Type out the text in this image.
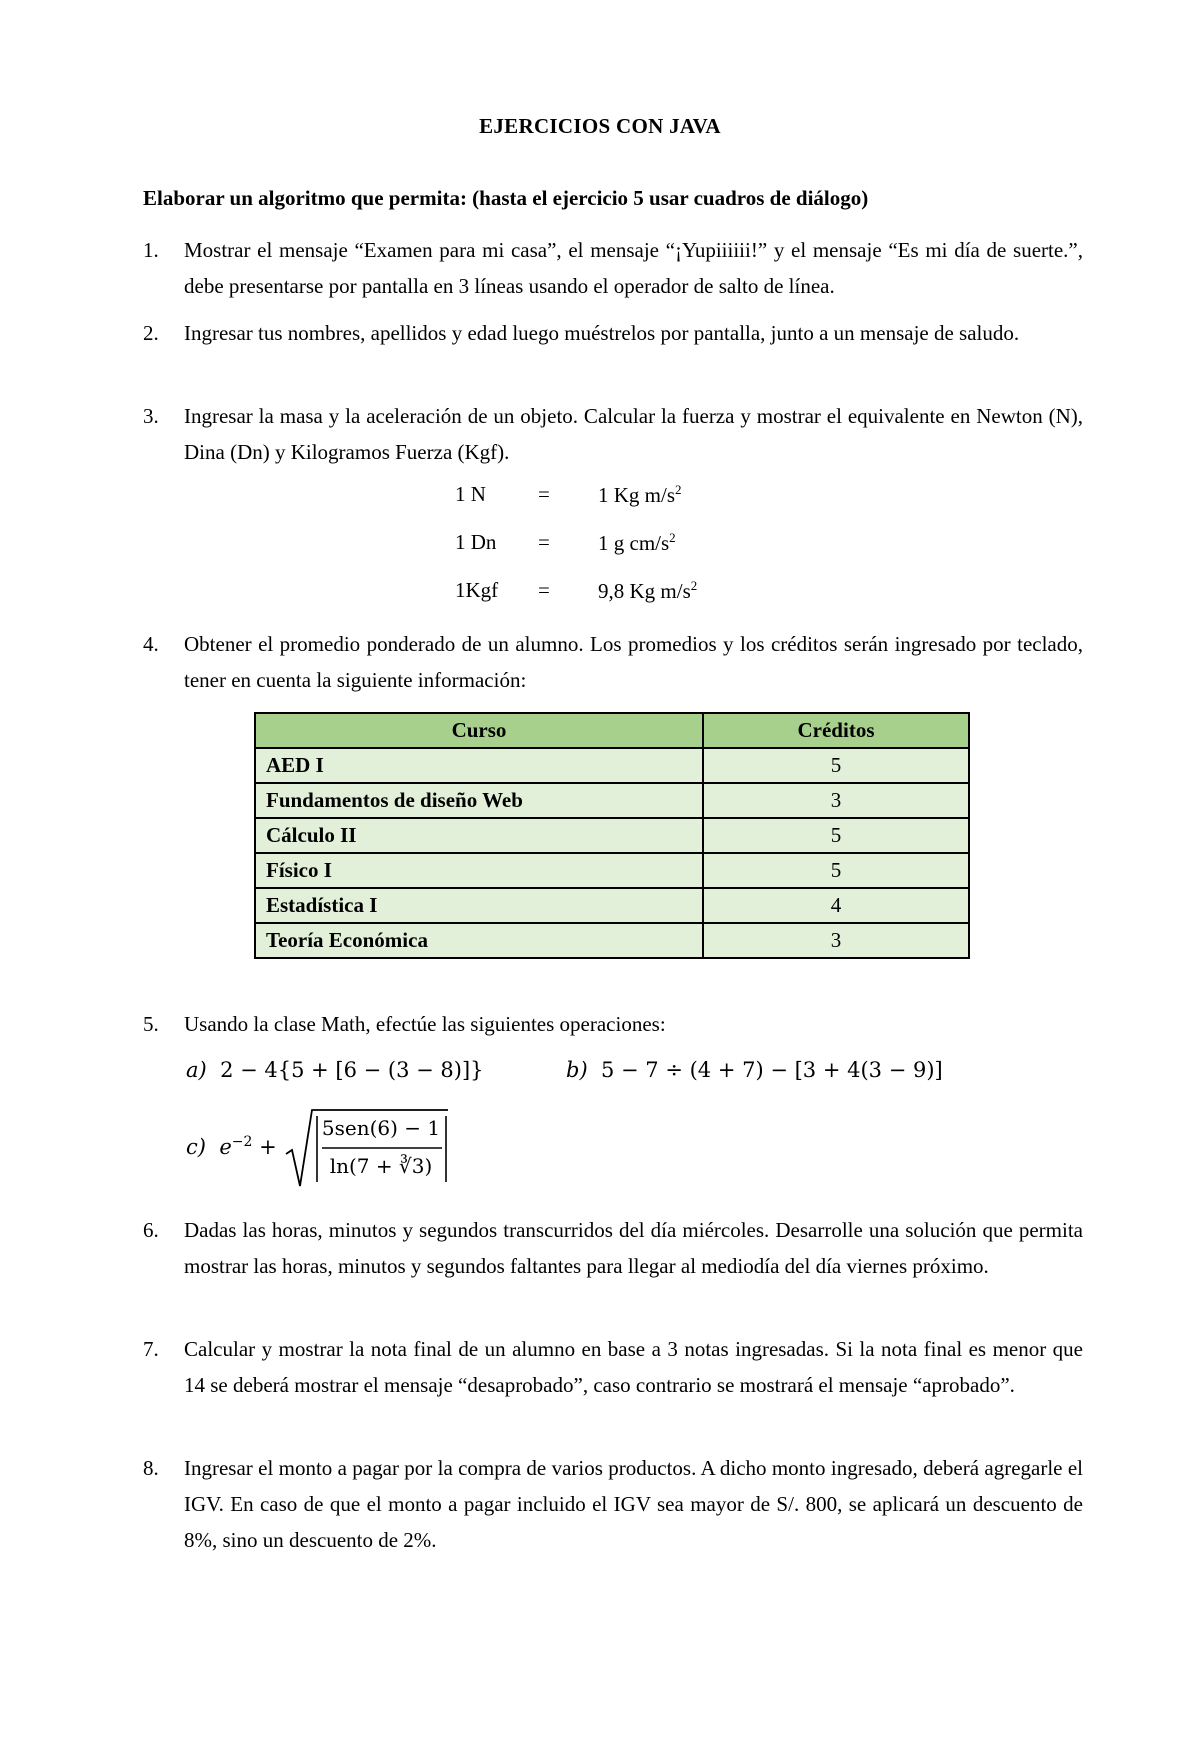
EJERCICIOS CON JAVA
Elaborar un algoritmo que permita: (hasta el ejercicio 5 usar cuadros de diálogo)
1.	Mostrar el mensaje “Examen para mi casa”, el mensaje “¡Yupiiiiii!” y el mensaje “Es mi día de suerte.”, debe presentarse por pantalla en 3 líneas usando el operador de salto de línea.
2.	Ingresar tus nombres, apellidos y edad luego muéstrelos por pantalla, junto a un mensaje de saludo.
3.	Ingresar la masa y la aceleración de un objeto. Calcular la fuerza y mostrar el equivalente en Newton (N), Dina (Dn) y Kilogramos Fuerza (Kgf).
1 N = 1 Kg $m/s^2$
1 Dn = 1 g $cm/s^2$
1Kgf = 9,8 Kg $m/s^2$
4.	Obtener el promedio ponderado de un alumno. Los promedios y los créditos serán ingresado por teclado, tener en cuenta la siguiente información:
Curso	Créditos
AED I	5
Fundamentos de diseño Web	3
Cálculo II	5
Físico I	5
Estadística I	4
Teoría Económica	3
5.	Usando la clase Math, efectúe las siguientes operaciones:
a) 2 − 4{5 + [6 − (3 − 8)]}	b) 5 − 7 ÷ (4 + 7) − [3 + 4(3 − 9)]
c) $e^{-2}$ +
5sen(6) − 1
ln(7 + ∛3)
6.	Dadas las horas, minutos y segundos transcurridos del día miércoles. Desarrolle una solución que permita mostrar las horas, minutos y segundos faltantes para llegar al mediodía del día viernes próximo.
7.	Calcular y mostrar la nota final de un alumno en base a 3 notas ingresadas. Si la nota final es menor que 14 se deberá mostrar el mensaje “desaprobado”, caso contrario se mostrará el mensaje “aprobado”.
8.	Ingresar el monto a pagar por la compra de varios productos. A dicho monto ingresado, deberá agregarle el IGV. En caso de que el monto a pagar incluido el IGV sea mayor de S/. 800, se aplicará un descuento de 8%, sino un descuento de 2%.
